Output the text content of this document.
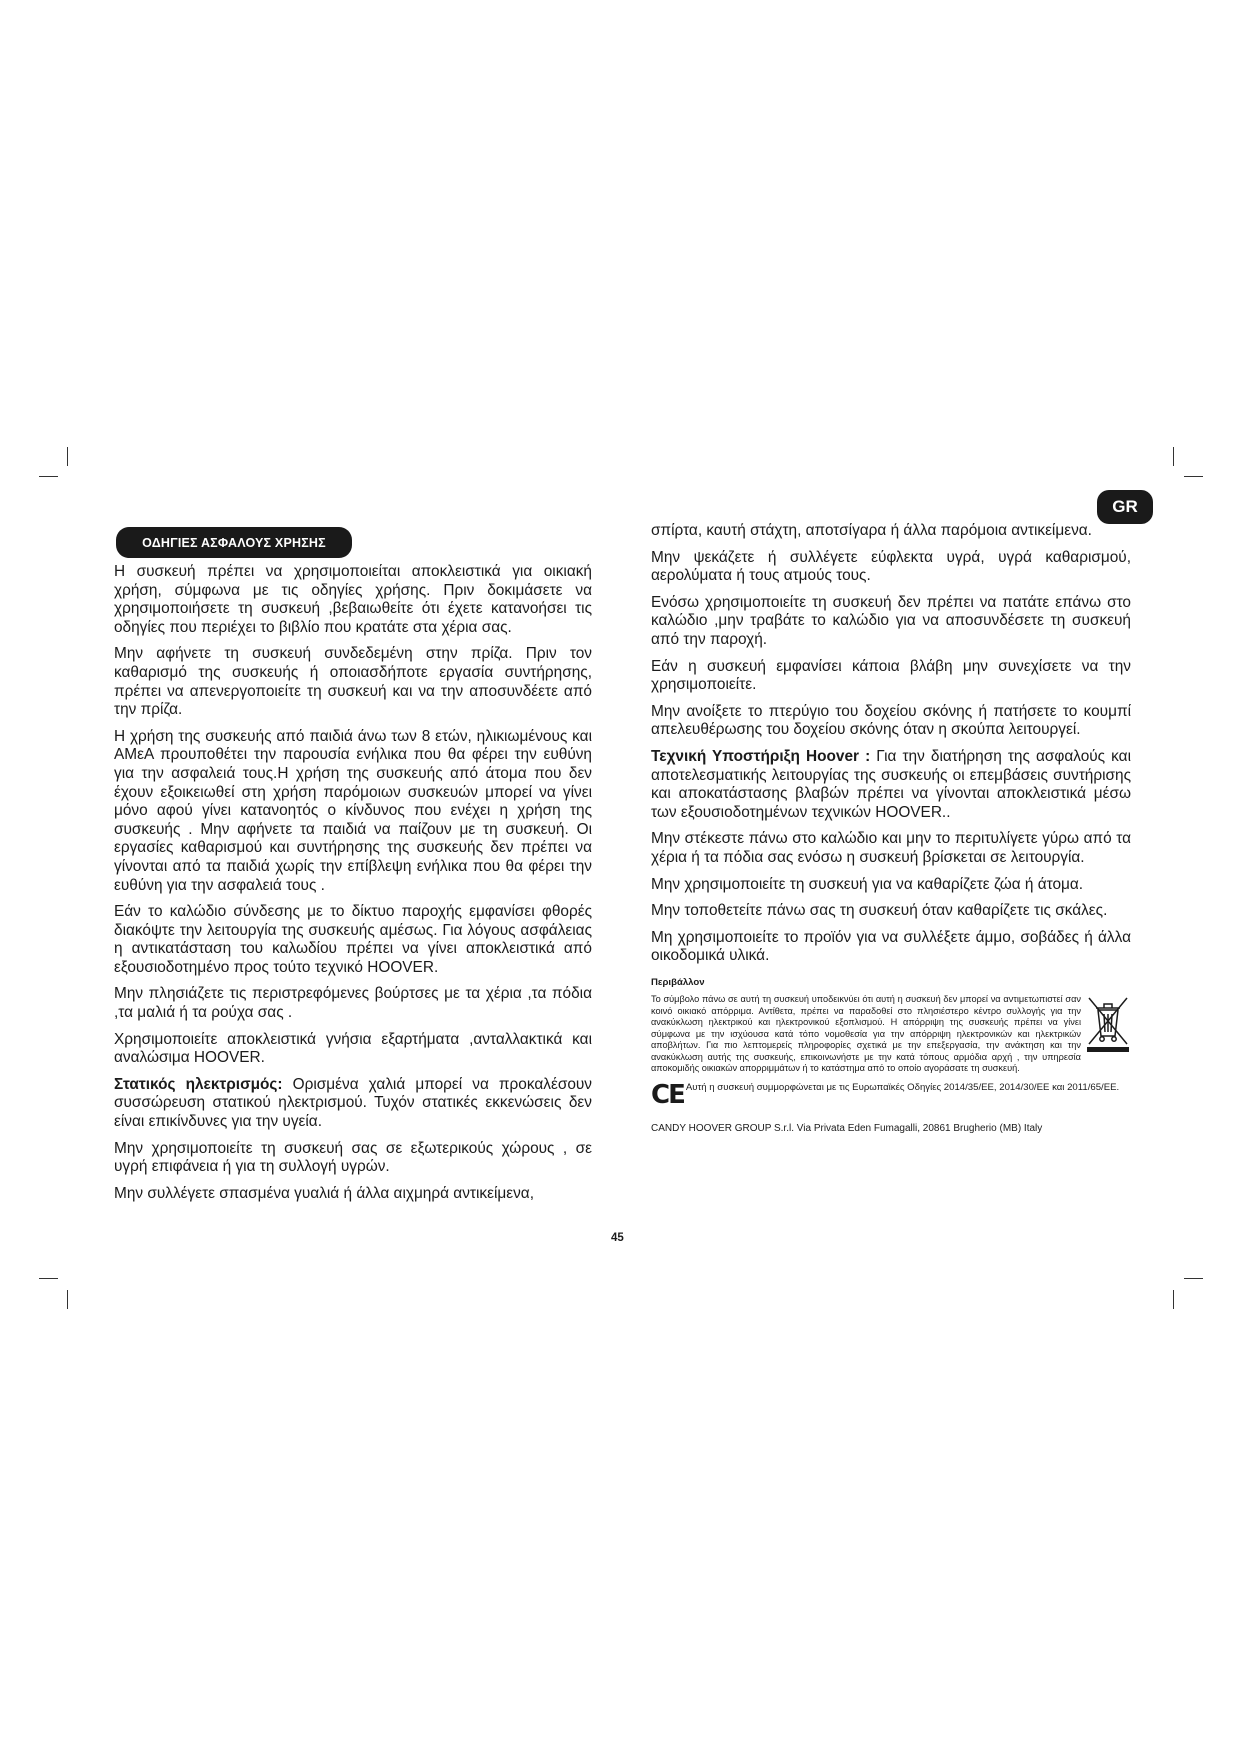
GR
ΟΔΗΓΙΕΣ ΑΣΦΑΛΟΥΣ ΧΡΗΣΗΣ

Η συσκευή πρέπει να χρησιμοποιείται αποκλειστικά για οικιακή χρήση, σύμφωνα με τις οδηγίες χρήσης. Πριν δοκιμάσετε να χρησιμοποιήσετε τη συσκευή ,βεβαιωθείτε ότι έχετε κατανοήσει τις οδηγίες που περιέχει το βιβλίο που κρατάτε στα χέρια σας.

Μην αφήνετε τη συσκευή συνδεδεμένη στην πρίζα. Πριν τον καθαρισμό της συσκευής ή οποιασδήποτε εργασία συντήρησης, πρέπει να απενεργοποιείτε τη συσκευή και να την αποσυνδέετε από την πρίζα.

Η χρήση της συσκευής από παιδιά άνω των 8 ετών, ηλικιωμένους και ΑΜεΑ προυποθέτει την παρουσία ενήλικα που θα φέρει την ευθύνη για την ασφαλειά τους.Η χρήση της συσκευής από άτομα που δεν έχουν εξοικειωθεί στη χρήση παρόμοιων συσκευών μπορεί να γίνει μόνο αφού γίνει κατανοητός ο κίνδυνος που ενέχει η χρήση της συσκευής . Μην αφήνετε τα παιδιά να παίζουν με τη συσκευή. Οι εργασίες καθαρισμού και συντήρησης της συσκευής δεν πρέπει να γίνονται από τα παιδιά χωρίς την επίβλεψη ενήλικα που θα φέρει την ευθύνη για την ασφαλειά τους .

Εάν το καλώδιο σύνδεσης με το δίκτυο παροχής εμφανίσει φθορές διακόψτε την λειτουργία της συσκευής αμέσως. Για λόγους ασφάλειας η αντικατάσταση του καλωδίου πρέπει να γίνει αποκλειστικά από εξουσιοδοτημένο προς τούτο τεχνικό HOOVER.

Μην πλησιάζετε τις περιστρεφόμενες βούρτσες με τα χέρια ,τα πόδια ,τα μαλιά ή τα ρούχα σας .

Χρησιμοποιείτε αποκλειστικά γνήσια εξαρτήματα ,ανταλλακτικά και αναλώσιμα HOOVER.

Στατικός ηλεκτρισμός: Ορισμένα χαλιά μπορεί να προκαλέσουν συσσώρευση στατικού ηλεκτρισμού. Τυχόν στατικές εκκενώσεις δεν είναι επικίνδυνες για την υγεία.

Μην χρησιμοποιείτε τη συσκευή σας σε εξωτερικούς χώρους , σε υγρή επιφάνεια ή για τη συλλογή υγρών.

Μην συλλέγετε σπασμένα γυαλιά ή άλλα αιχμηρά αντικείμενα,

σπίρτα, καυτή στάχτη, αποτσίγαρα ή άλλα παρόμοια αντικείμενα.

Μην ψεκάζετε ή συλλέγετε εύφλεκτα υγρά, υγρά καθαρισμού, αερολύματα ή τους ατμούς τους.

Ενόσω χρησιμοποιείτε τη συσκευή δεν πρέπει να πατάτε επάνω στο καλώδιο ,μην τραβάτε το καλώδιο για να αποσυνδέσετε τη συσκευή από την παροχή.

Εάν η συσκευή εμφανίσει κάποια βλάβη μην συνεχίσετε να την χρησιμοποιείτε.

Μην ανοίξετε το πτερύγιο του δοχείου σκόνης ή πατήσετε το κουμπί απελευθέρωσης του δοχείου σκόνης όταν η σκούπα λειτουργεί.

Τεχνική Υποστήριξη Hoover : Για την διατήρηση της ασφαλούς και αποτελεσματικής λειτουργίας της συσκευής οι επεμβάσεις συντήρισης και αποκατάστασης βλαβών πρέπει να γίνονται αποκλειστικά μέσω των εξουσιοδοτημένων τεχνικών HOOVER..

Μην στέκεστε πάνω στο καλώδιο και μην το περιτυλίγετε γύρω από τα χέρια ή τα πόδια σας ενόσω η συσκευή βρίσκεται σε λειτουργία.

Μην χρησιμοποιείτε τη συσκευή για να καθαρίζετε ζώα ή άτομα.

Μην τοποθετείτε πάνω σας τη συσκευή όταν καθαρίζετε τις σκάλες.

Μη χρησιμοποιείτε το προϊόν για να συλλέξετε άμμο, σοβάδες ή άλλα οικοδομικά υλικά.

Περιβάλλον

Το σύμβολο πάνω σε αυτή τη συσκευή υποδεικνύει ότι αυτή η συσκευή δεν μπορεί να αντιμετωπιστεί σαν κοινό οικιακό απόρριμα. Αντίθετα, πρέπει να παραδοθεί στο πλησιέστερο κέντρο συλλογής για την ανακύκλωση ηλεκτρικού και ηλεκτρονικού εξοπλισμού. Η απόρριψη της συσκευής πρέπει να γίνει σύμφωνα με την ισχύουσα κατά τόπο νομοθεσία για την απόρριψη ηλεκτρονικών και ηλεκτρικών αποβλήτων. Για πιο λεπτομερείς πληροφορίες σχετικά με την επεξεργασία, την ανάκτηση και την ανακύκλωση αυτής της συσκευής, επικοινωνήστε με την κατά τόπους αρμόδια αρχή , την υπηρεσία αποκομιδής οικιακών απορριμμάτων ή το κατάστημα από το οποίο αγοράσατε τη συσκευή.

CE Αυτή η συσκευή συμμορφώνεται με τις Ευρωπαϊκές Οδηγίες 2014/35/ΕΕ, 2014/30/ΕΕ και 2011/65/ΕΕ.
CANDY HOOVER GROUP S.r.l. Via Privata Eden Fumagalli, 20861 Brugherio (MB) Italy
45
